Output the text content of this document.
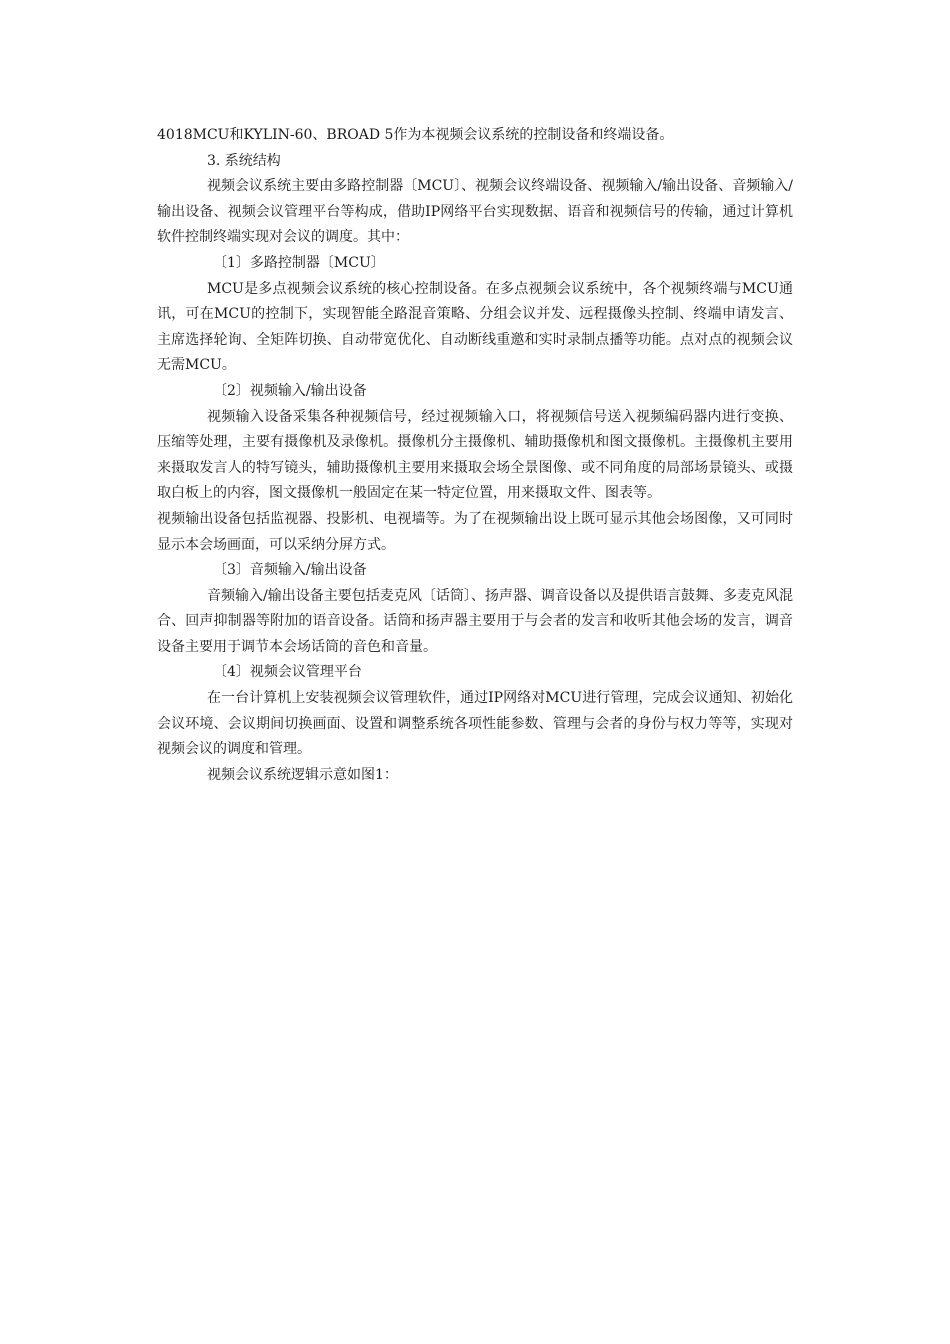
4018MCU和KYLIN-60、BROAD 5作为本视频会议系统的控制设备和终端设备。

3. 系统结构

视频会议系统主要由多路控制器〔MCU〕、视频会议终端设备、视频输入/输出设备、音频输入/输出设备、视频会议管理平台等构成，借助IP网络平台实现数据、语音和视频信号的传输，通过计算机软件控制终端实现对会议的调度。其中：

〔1〕多路控制器〔MCU〕

MCU是多点视频会议系统的核心控制设备。在多点视频会议系统中，各个视频终端与MCU通讯，可在MCU的控制下，实现智能全路混音策略、分组会议并发、远程摄像头控制、终端申请发言、主席选择轮询、全矩阵切换、自动带宽优化、自动断线重邀和实时录制点播等功能。点对点的视频会议无需MCU。

〔2〕视频输入/输出设备

视频输入设备采集各种视频信号，经过视频输入口，将视频信号送入视频编码器内进行变换、压缩等处理，主要有摄像机及录像机。摄像机分主摄像机、辅助摄像机和图文摄像机。主摄像机主要用来摄取发言人的特写镜头，辅助摄像机主要用来摄取会场全景图像、或不同角度的局部场景镜头、或摄取白板上的内容，图文摄像机一般固定在某一特定位置，用来摄取文件、图表等。

视频输出设备包括监视器、投影机、电视墙等。为了在视频输出设上既可显示其他会场图像，又可同时显示本会场画面，可以采纳分屏方式。

〔3〕音频输入/输出设备

音频输入/输出设备主要包括麦克风〔话筒〕、扬声器、调音设备以及提供语言鼓舞、多麦克风混合、回声抑制器等附加的语音设备。话筒和扬声器主要用于与会者的发言和收听其他会场的发言，调音设备主要用于调节本会场话筒的音色和音量。

〔4〕视频会议管理平台

在一台计算机上安装视频会议管理软件，通过IP网络对MCU进行管理，完成会议通知、初始化会议环境、会议期间切换画面、设置和调整系统各项性能参数、管理与会者的身份与权力等等，实现对视频会议的调度和管理。

视频会议系统逻辑示意如图1：
